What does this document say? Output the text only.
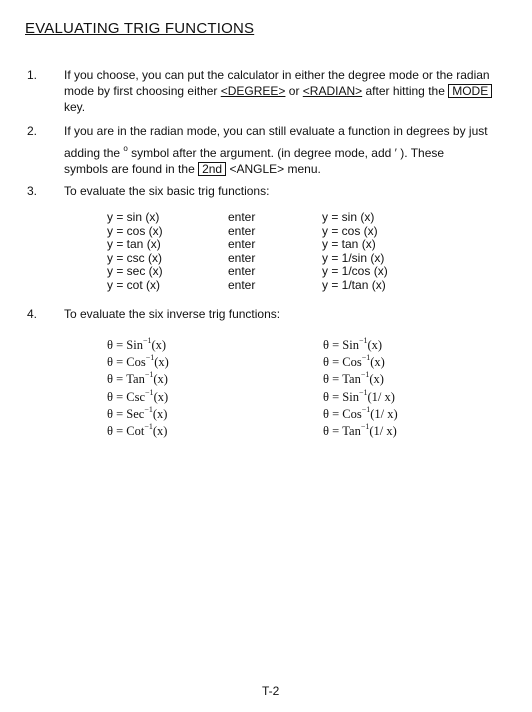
EVALUATING TRIG FUNCTIONS
1. If you choose, you can put the calculator in either the degree mode or the radian
mode by first choosing either <DEGREE> or <RADIAN> after hitting the MODE
key.
2. If you are in the radian mode, you can still evaluate a function in degrees by just
adding the $^o$ symbol after the argument. (in degree mode, add ′ ). These
symbols are found in the 2nd <ANGLE> menu.
3. To evaluate the six basic trig functions:
y = sin (x)	enter	y = sin (x)
y = cos (x)	enter	y = cos (x)
y = tan (x)	enter	y = tan (x)
y = csc (x)	enter	y = 1/sin (x)
y = sec (x)	enter	y = 1/cos (x)
y = cot (x)	enter	y = 1/tan (x)
4. To evaluate the six inverse trig functions:
θ = Sin$^{-1}$(x)	θ = Sin$^{-1}$(x)
θ = Cos$^{-1}$(x)	θ = Cos$^{-1}$(x)
θ = Tan$^{-1}$(x)	θ = Tan$^{-1}$(x)
θ = Csc$^{-1}$(x)	θ = Sin$^{-1}$(1/ x)
θ = Sec$^{-1}$(x)	θ = Cos$^{-1}$(1/ x)
θ = Cot$^{-1}$(x)	θ = Tan$^{-1}$(1/ x)
T-2
